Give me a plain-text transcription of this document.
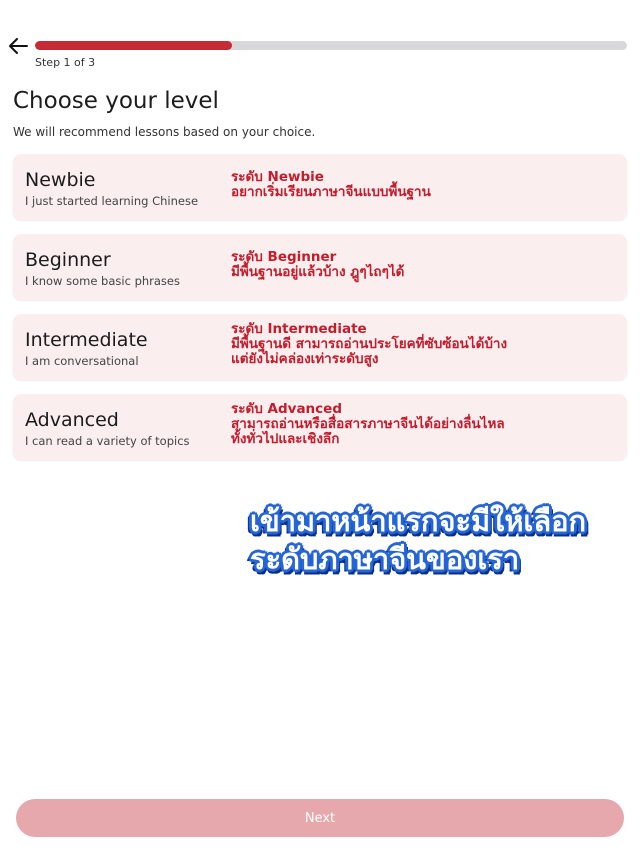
Step 1 of 3
Choose your level
We will recommend lessons based on your choice.
Newbie
I just started learning Chinese
ระดับ Newbie
อยากเริ่มเรียนภาษาจีนแบบพื้นฐาน
Beginner
I know some basic phrases
ระดับ Beginner
มีพื้นฐานอยู่แล้วบ้าง ฎูๆไถๆได้
Intermediate
I am conversational
ระดับ Intermediate
มีพื้นฐานดี สามารถอ่านประโยคที่ซับซ้อนได้บ้าง
แต่ยังไม่คล่องเท่าระดับสูง
Advanced
I can read a variety of topics
ระดับ Advanced
สามารถอ่านหรือสื่อสารภาษาจีนได้อย่างลื่นไหล
ทั้งทั่วไปและเชิงลึก
เข้ามาหน้าแรกจะมีให้เลือก
ระดับภาษาจีนของเรา
Next
